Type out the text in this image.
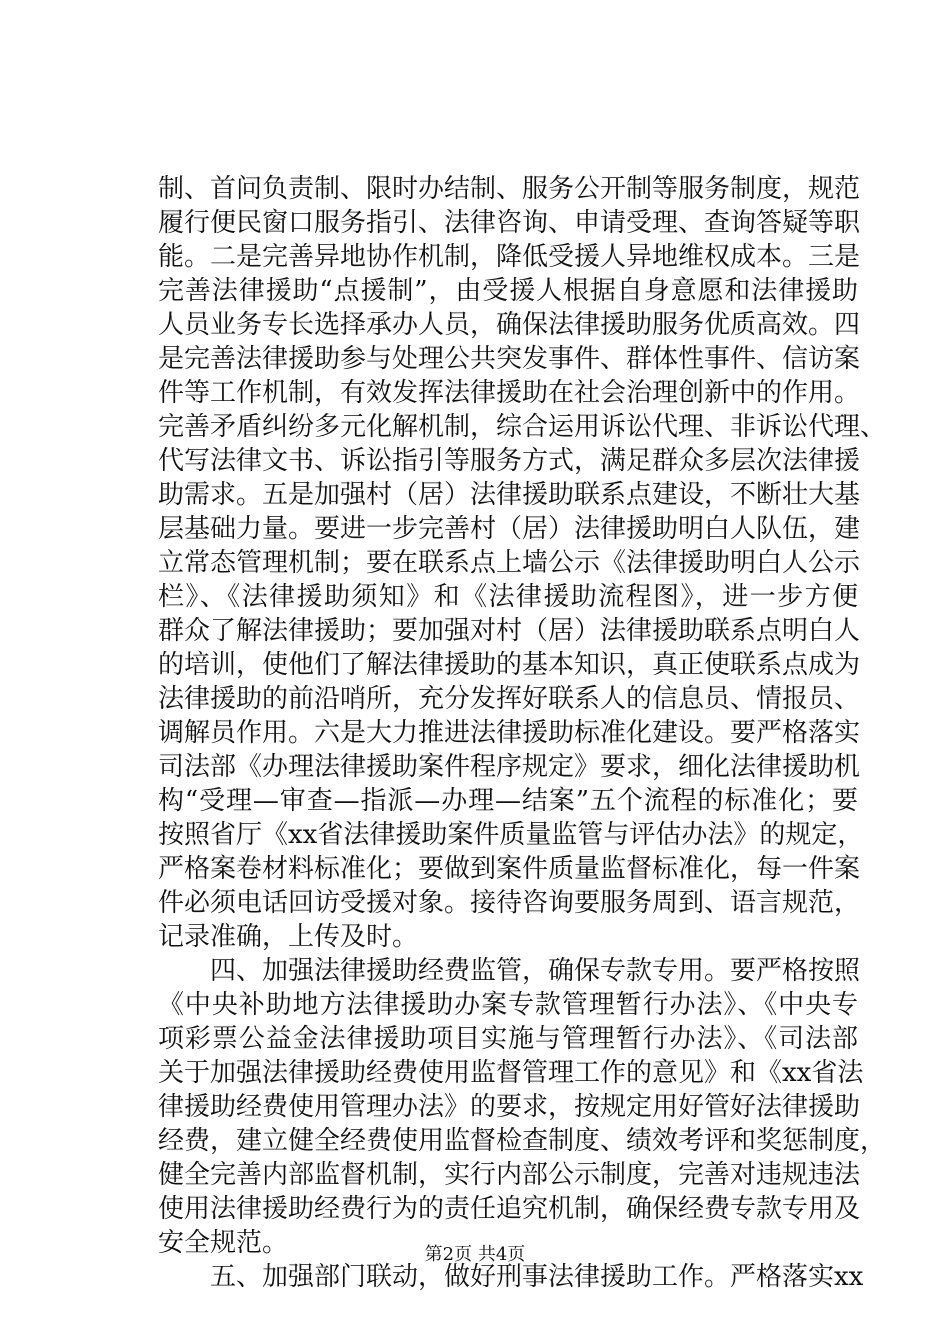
制、首问负责制、限时办结制、服务公开制等服务制度，规范
履行便民窗口服务指引、法律咨询、申请受理、查询答疑等职
能。二是完善异地协作机制，降低受援人异地维权成本。三是
完善法律援助“点援制”，由受援人根据自身意愿和法律援助
人员业务专长选择承办人员，确保法律援助服务优质高效。四
是完善法律援助参与处理公共突发事件、群体性事件、信访案
件等工作机制，有效发挥法律援助在社会治理创新中的作用。
完善矛盾纠纷多元化解机制，综合运用诉讼代理、非诉讼代理、
代写法律文书、诉讼指引等服务方式，满足群众多层次法律援
助需求。五是加强村（居）法律援助联系点建设，不断壮大基
层基础力量。要进一步完善村（居）法律援助明白人队伍，建
立常态管理机制；要在联系点上墙公示《法律援助明白人公示
栏》、《法律援助须知》和《法律援助流程图》，进一步方便
群众了解法律援助；要加强对村（居）法律援助联系点明白人
的培训，使他们了解法律援助的基本知识，真正使联系点成为
法律援助的前沿哨所，充分发挥好联系人的信息员、情报员、
调解员作用。六是大力推进法律援助标准化建设。要严格落实
司法部《办理法律援助案件程序规定》要求，细化法律援助机
构“受理—审查—指派—办理—结案”五个流程的标准化；要
按照省厅《xx省法律援助案件质量监管与评估办法》的规定，
严格案卷材料标准化；要做到案件质量监督标准化，每一件案
件必须电话回访受援对象。接待咨询要服务周到、语言规范，
记录准确，上传及时。
　　四、加强法律援助经费监管，确保专款专用。要严格按照
《中央补助地方法律援助办案专款管理暂行办法》、《中央专
项彩票公益金法律援助项目实施与管理暂行办法》、《司法部
关于加强法律援助经费使用监督管理工作的意见》和《xx省法
律援助经费使用管理办法》的要求，按规定用好管好法律援助
经费，建立健全经费使用监督检查制度、绩效考评和奖惩制度，
健全完善内部监督机制，实行内部公示制度，完善对违规违法
使用法律援助经费行为的责任追究机制，确保经费专款专用及
安全规范。
　　五、加强部门联动，做好刑事法律援助工作。严格落实xx
第2页 共4页
